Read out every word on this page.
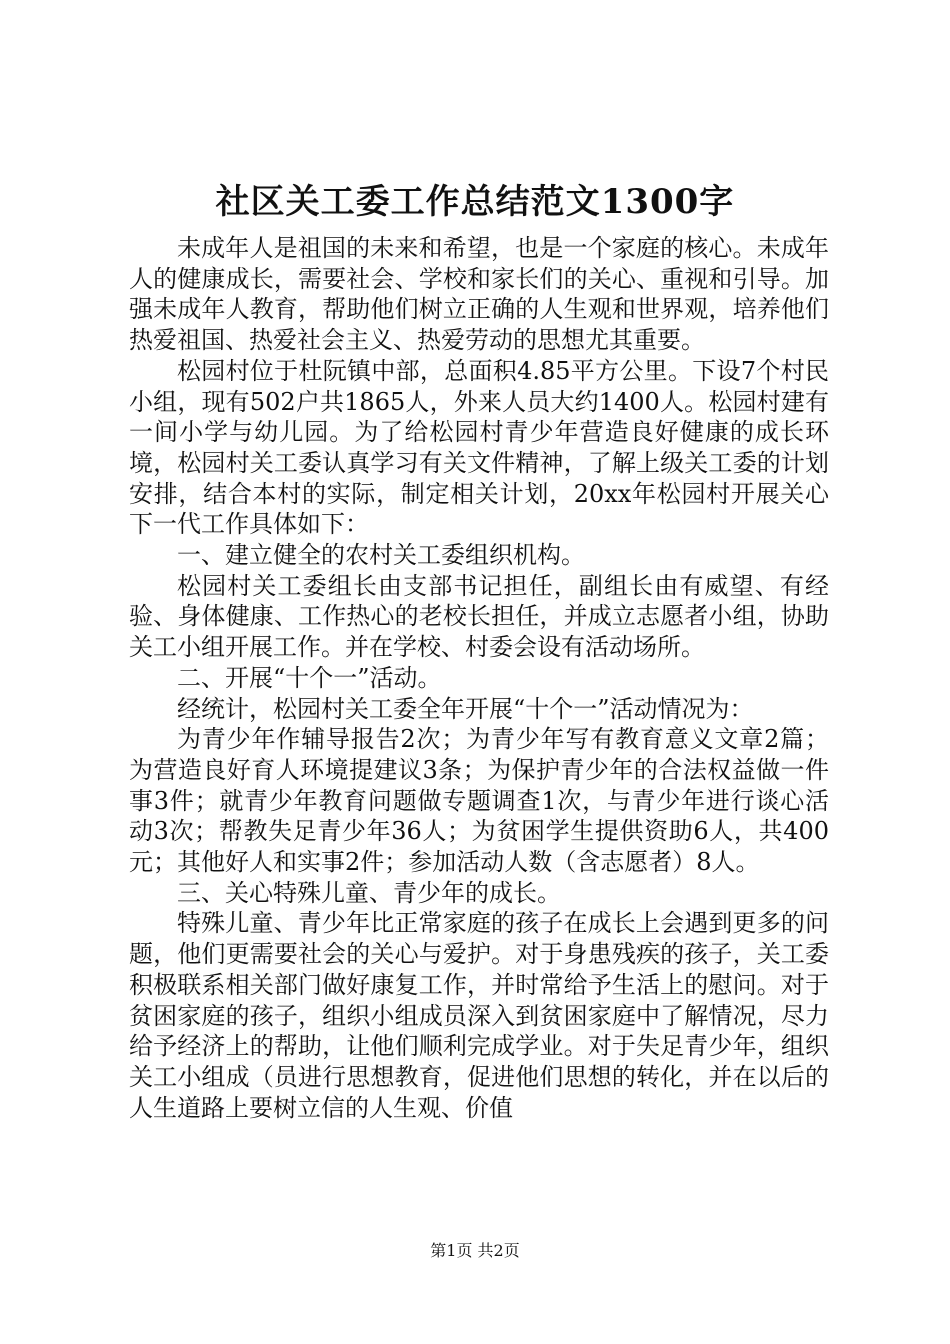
社区关工委工作总结范文1300字

未成年人是祖国的未来和希望，也是一个家庭的核心。未成年人的健康成长，需要社会、学校和家长们的关心、重视和引导。加强未成年人教育，帮助他们树立正确的人生观和世界观，培养他们热爱祖国、热爱社会主义、热爱劳动的思想尤其重要。

松园村位于杜阮镇中部，总面积4.85平方公里。下设7个村民小组，现有502户共1865人，外来人员大约1400人。松园村建有一间小学与幼儿园。为了给松园村青少年营造良好健康的成长环境，松园村关工委认真学习有关文件精神，了解上级关工委的计划安排，结合本村的实际，制定相关计划，20xx年松园村开展关心下一代工作具体如下：

一、建立健全的农村关工委组织机构。

松园村关工委组长由支部书记担任，副组长由有威望、有经验、身体健康、工作热心的老校长担任，并成立志愿者小组，协助关工小组开展工作。并在学校、村委会设有活动场所。

二、开展“十个一”活动。

经统计，松园村关工委全年开展“十个一”活动情况为：

为青少年作辅导报告2次；为青少年写有教育意义文章2篇；为营造良好育人环境提建议3条；为保护青少年的合法权益做一件事3件；就青少年教育问题做专题调查1次，与青少年进行谈心活动3次；帮教失足青少年36人；为贫困学生提供资助6人，共400元；其他好人和实事2件；参加活动人数（含志愿者）8人。

三、关心特殊儿童、青少年的成长。

特殊儿童、青少年比正常家庭的孩子在成长上会遇到更多的问题，他们更需要社会的关心与爱护。对于身患残疾的孩子，关工委积极联系相关部门做好康复工作，并时常给予生活上的慰问。对于贫困家庭的孩子，组织小组成员深入到贫困家庭中了解情况，尽力给予经济上的帮助，让他们顺利完成学业。对于失足青少年，组织关工小组成（员进行思想教育，促进他们思想的转化，并在以后的人生道路上要树立信的人生观、价值

第1页 共2页
